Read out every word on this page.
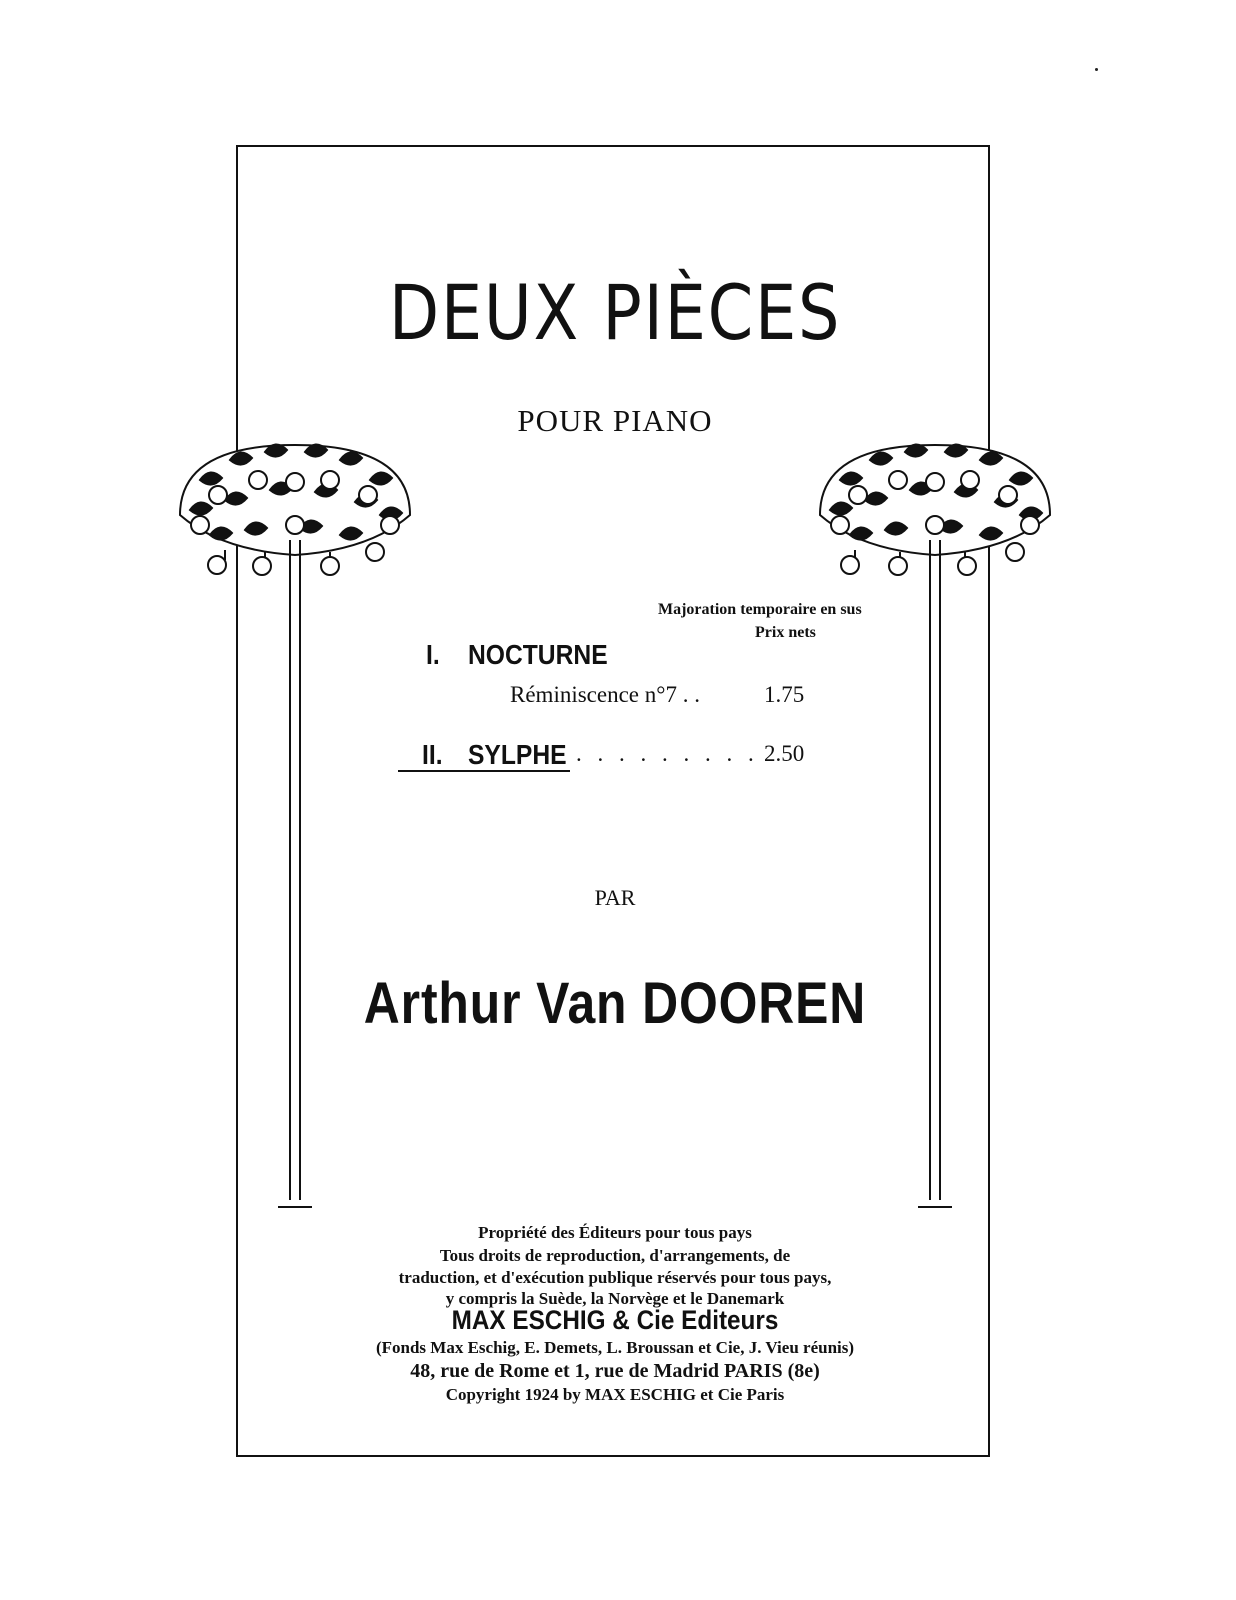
DEUX PIÈCES
POUR PIANO
Majoration temporaire en sus
Prix nets
I. NOCTURNE
Réminiscence n°7 . .	1.75
II. SYLPHE . . . . . . . . . 2.50
PAR
Arthur Van DOOREN
Propriété des Éditeurs pour tous pays
Tous droits de reproduction, d'arrangements, de
traduction, et d'exécution publique réservés pour tous pays,
y compris la Suède, la Norvège et le Danemark
MAX ESCHIG & Cie Editeurs
(Fonds Max Eschig, E. Demets, L. Broussan et Cie, J. Vieu réunis)
48, rue de Rome et 1, rue de Madrid PARIS (8e)
Copyright 1924 by MAX ESCHIG et Cie Paris
